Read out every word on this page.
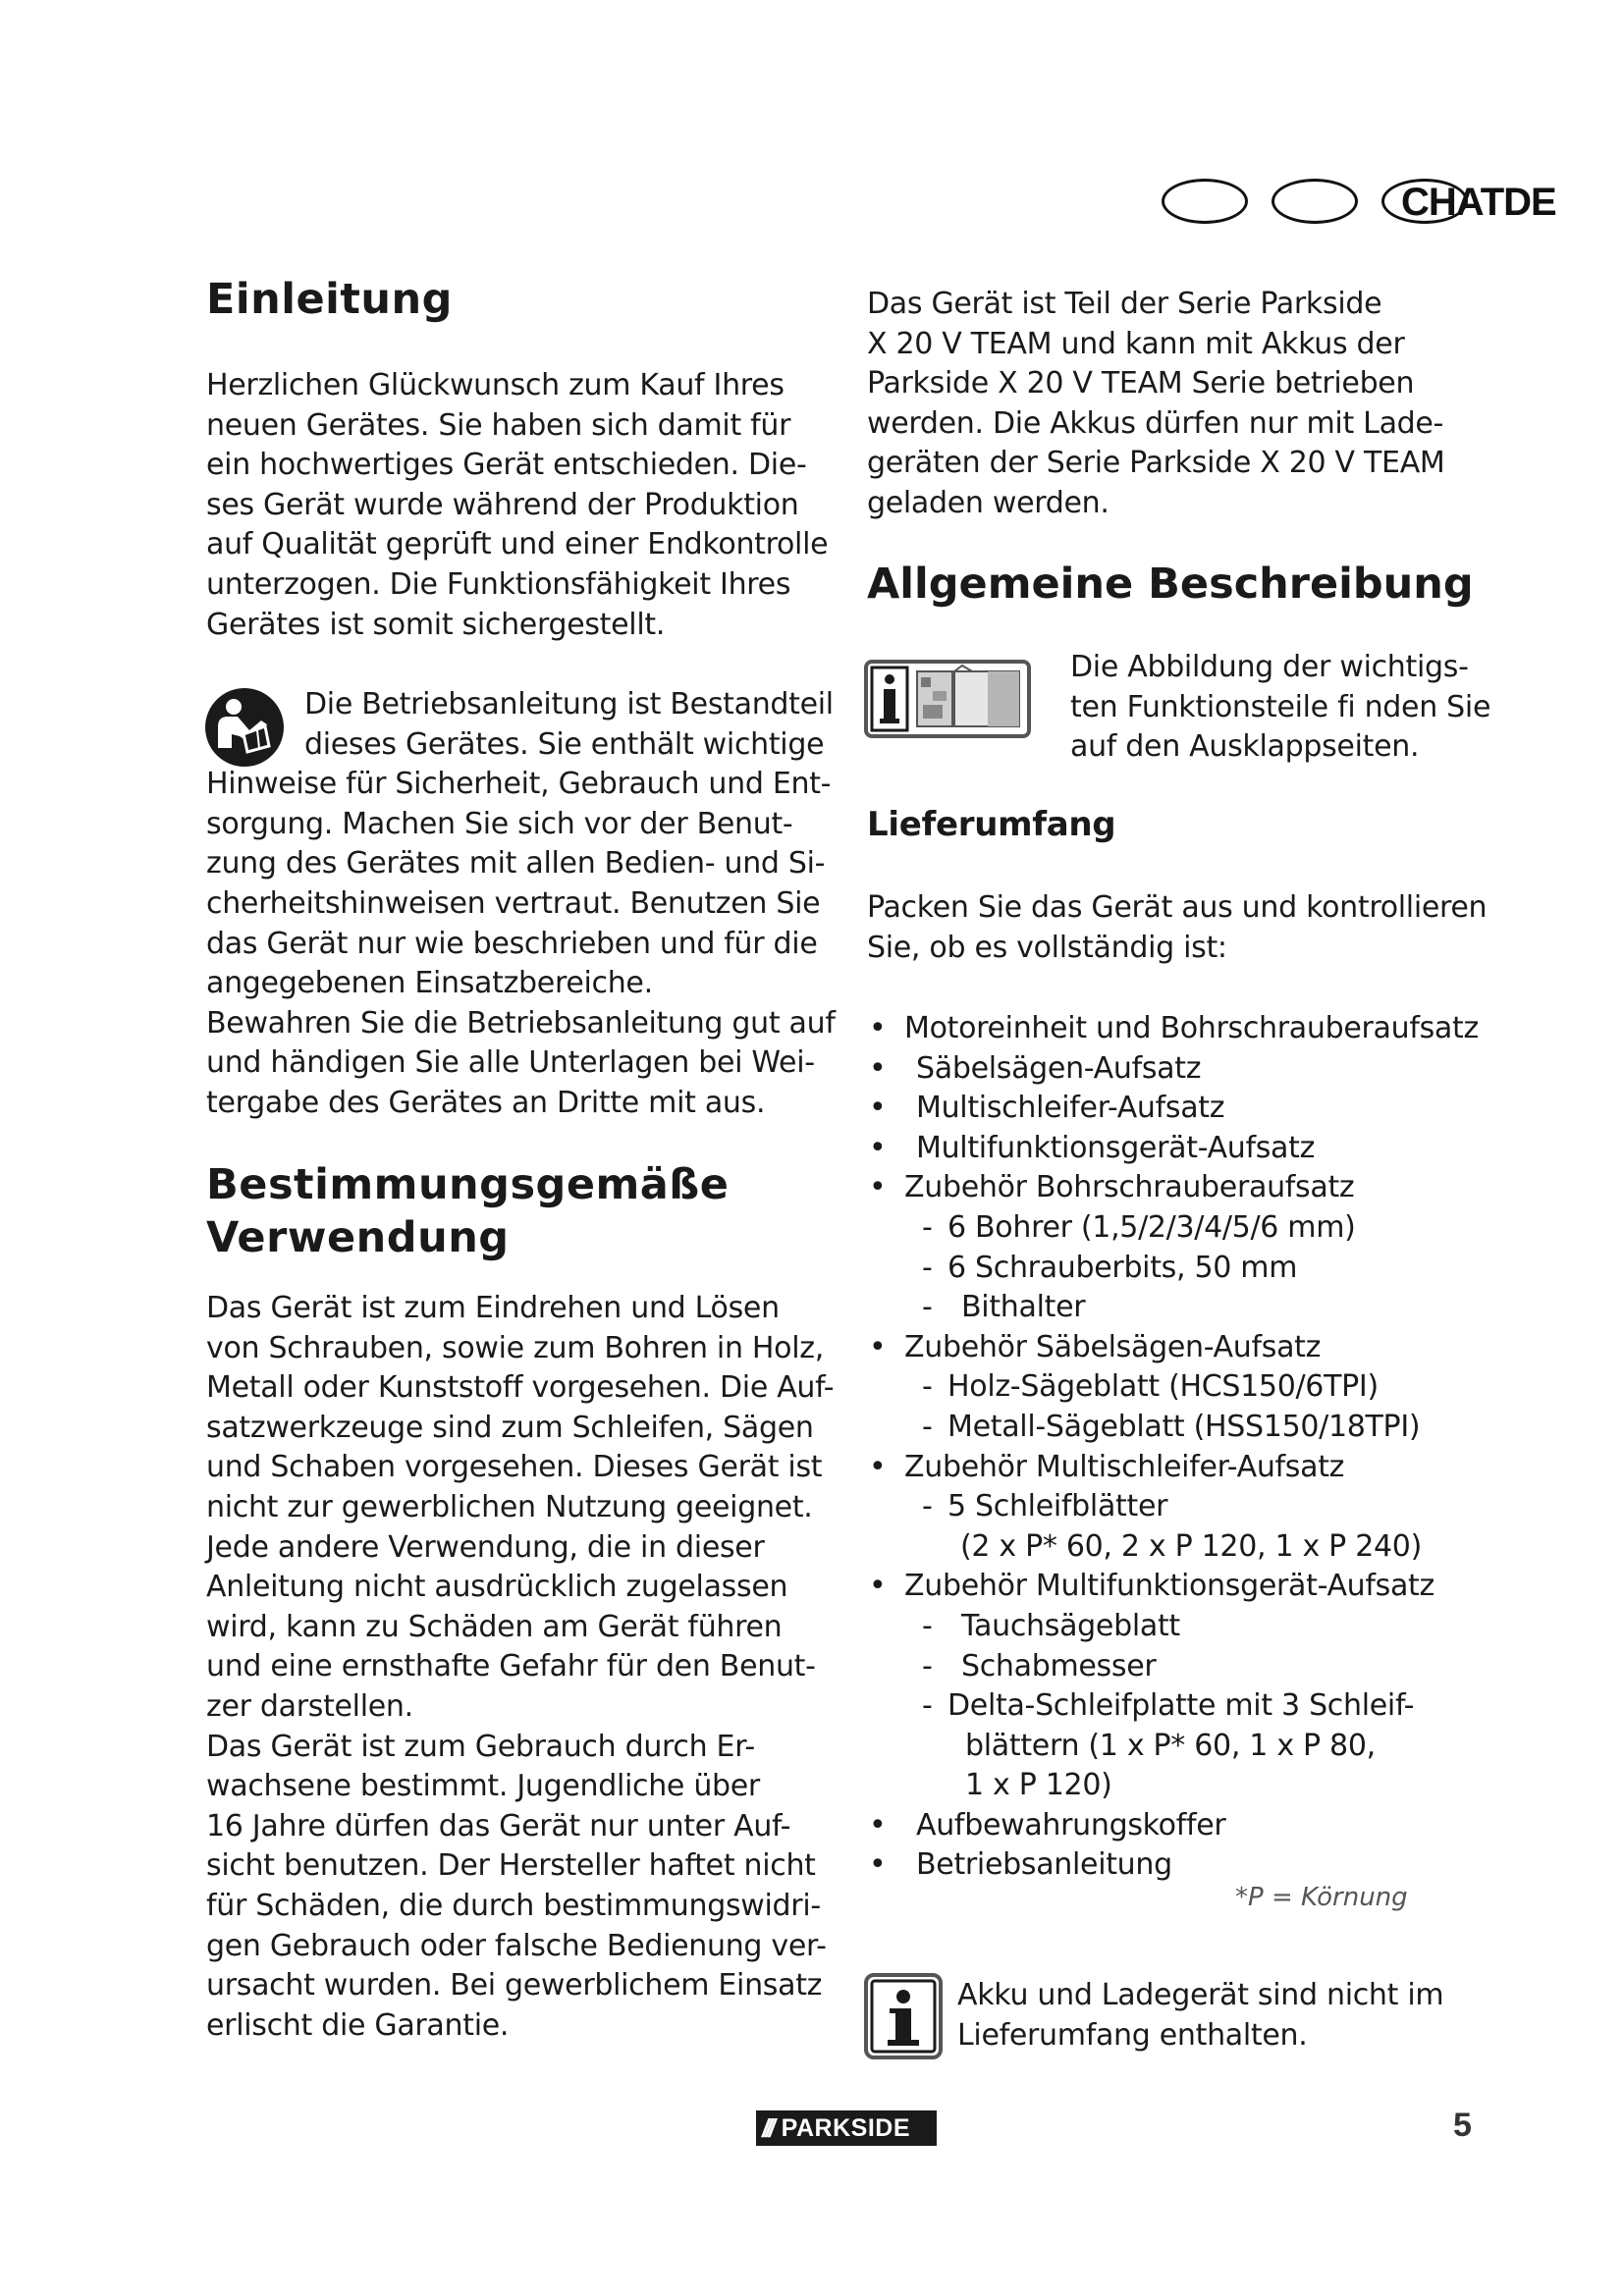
CHATDE
Einleitung
Herzlichen Glückwunsch zum Kauf Ihres
neuen Gerätes. Sie haben sich damit für
ein hochwertiges Gerät entschieden. Die-
ses Gerät wurde während der Produktion
auf Qualität geprüft und einer Endkontrolle
unterzogen. Die Funktionsfähigkeit Ihres
Gerätes ist somit sichergestellt.
Die Betriebsanleitung ist Bestandteil
dieses Gerätes. Sie enthält wichtige
Hinweise für Sicherheit, Gebrauch und Ent-
sorgung. Machen Sie sich vor der Benut-
zung des Gerätes mit allen Bedien- und Si-
cherheitshinweisen vertraut. Benutzen Sie
das Gerät nur wie beschrieben und für die
angegebenen Einsatzbereiche.
Bewahren Sie die Betriebsanleitung gut auf
und händigen Sie alle Unterlagen bei Wei-
tergabe des Gerätes an Dritte mit aus.
Bestimmungsgemäße
Verwendung
Das Gerät ist zum Eindrehen und Lösen
von Schrauben, sowie zum Bohren in Holz,
Metall oder Kunststoff vorgesehen. Die Auf-
satzwerkzeuge sind zum Schleifen, Sägen
und Schaben vorgesehen. Dieses Gerät ist
nicht zur gewerblichen Nutzung geeignet.
Jede andere Verwendung, die in dieser
Anleitung nicht ausdrücklich zugelassen
wird, kann zu Schäden am Gerät führen
und eine ernsthafte Gefahr für den Benut-
zer darstellen.
Das Gerät ist zum Gebrauch durch Er-
wachsene bestimmt. Jugendliche über
16 Jahre dürfen das Gerät nur unter Auf-
sicht benutzen. Der Hersteller haftet nicht
für Schäden, die durch bestimmungswidri-
gen Gebrauch oder falsche Bedienung ver-
ursacht wurden. Bei gewerblichem Einsatz
erlischt die Garantie.
Das Gerät ist Teil der Serie Parkside
X 20 V TEAM und kann mit Akkus der
Parkside X 20 V TEAM Serie betrieben
werden. Die Akkus dürfen nur mit Lade-
geräten der Serie Parkside X 20 V TEAM
geladen werden.
Allgemeine Beschreibung
Die Abbildung der wichtigs-
ten Funktionsteile fi nden Sie
auf den Ausklappseiten.
Lieferumfang
Packen Sie das Gerät aus und kontrollieren
Sie, ob es vollständig ist:
• Motoreinheit und Bohrschrauberaufsatz
• Säbelsägen-Aufsatz
• Multischleifer-Aufsatz
• Multifunktionsgerät-Aufsatz
• Zubehör Bohrschrauberaufsatz
- 6 Bohrer (1,5/2/3/4/5/6 mm)
- 6 Schrauberbits, 50 mm
- Bithalter
• Zubehör Säbelsägen-Aufsatz
- Holz-Sägeblatt (HCS150/6TPI)
- Metall-Sägeblatt (HSS150/18TPI)
• Zubehör Multischleifer-Aufsatz
- 5 Schleifblätter
(2 x P* 60, 2 x P 120, 1 x P 240)
• Zubehör Multifunktionsgerät-Aufsatz
- Tauchsägeblatt
- Schabmesser
- Delta-Schleifplatte mit 3 Schleif-
blättern (1 x P* 60, 1 x P 80,
1 x P 120)
• Aufbewahrungskoffer
• Betriebsanleitung
*P = Körnung
Akku und Ladegerät sind nicht im
Lieferumfang enthalten.
/// PARKSIDE	5
